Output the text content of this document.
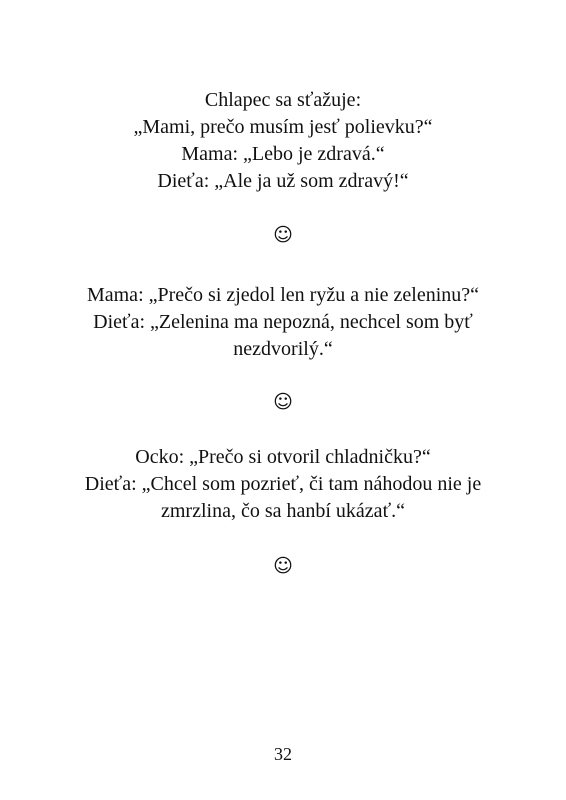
Chlapec sa sťažuje:
„Mami, prečo musím jesť polievku?“
Mama: „Lebo je zdravá.“
Dieťa: „Ale ja už som zdravý!“
☺
Mama: „Prečo si zjedol len ryžu a nie zeleninu?“
Dieťa: „Zelenina ma nepozná, nechcel som byť
nezdvorilý.“
☺
Ocko: „Prečo si otvoril chladničku?“
Dieťa: „Chcel som pozrieť, či tam náhodou nie je
zmrzlina, čo sa hanbí ukázať.“
☺
32
